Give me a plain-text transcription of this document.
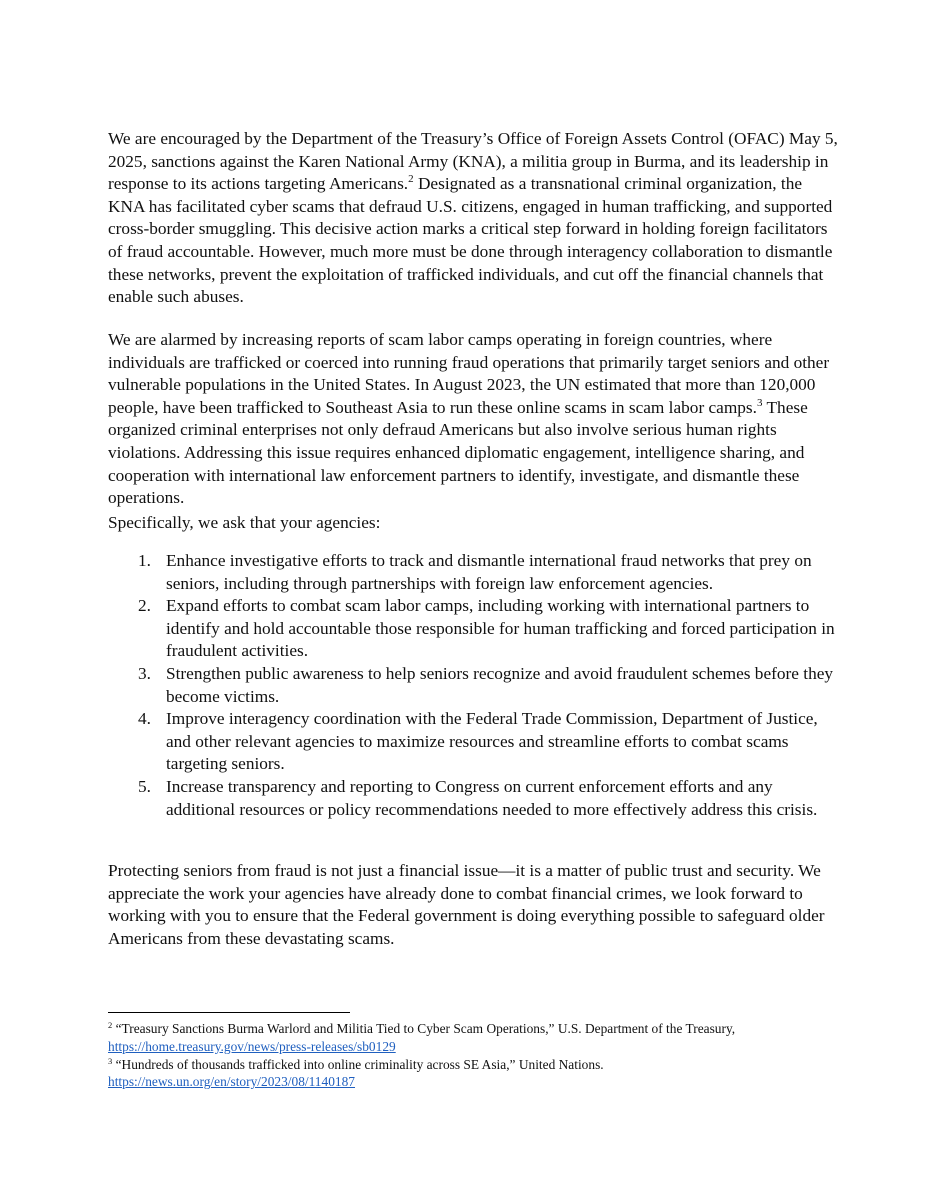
We are encouraged by the Department of the Treasury’s Office of Foreign Assets Control (OFAC) May 5, 2025, sanctions against the Karen National Army (KNA), a militia group in Burma, and its leadership in response to its actions targeting Americans.$^2$ Designated as a transnational criminal organization, the KNA has facilitated cyber scams that defraud U.S. citizens, engaged in human trafficking, and supported cross-border smuggling. This decisive action marks a critical step forward in holding foreign facilitators of fraud accountable. However, much more must be done through interagency collaboration to dismantle these networks, prevent the exploitation of trafficked individuals, and cut off the financial channels that enable such abuses.

We are alarmed by increasing reports of scam labor camps operating in foreign countries, where individuals are trafficked or coerced into running fraud operations that primarily target seniors and other vulnerable populations in the United States. In August 2023, the UN estimated that more than 120,000 people, have been trafficked to Southeast Asia to run these online scams in scam labor camps.$^3$ These organized criminal enterprises not only defraud Americans but also involve serious human rights violations. Addressing this issue requires enhanced diplomatic engagement, intelligence sharing, and cooperation with international law enforcement partners to identify, investigate, and dismantle these operations.

Specifically, we ask that your agencies:

1. Enhance investigative efforts to track and dismantle international fraud networks that prey on seniors, including through partnerships with foreign law enforcement agencies.
2. Expand efforts to combat scam labor camps, including working with international partners to identify and hold accountable those responsible for human trafficking and forced participation in fraudulent activities.
3. Strengthen public awareness to help seniors recognize and avoid fraudulent schemes before they become victims.
4. Improve interagency coordination with the Federal Trade Commission, Department of Justice, and other relevant agencies to maximize resources and streamline efforts to combat scams targeting seniors.
5. Increase transparency and reporting to Congress on current enforcement efforts and any additional resources or policy recommendations needed to more effectively address this crisis.

Protecting seniors from fraud is not just a financial issue—it is a matter of public trust and security. We appreciate the work your agencies have already done to combat financial crimes, we look forward to working with you to ensure that the Federal government is doing everything possible to safeguard older Americans from these devastating scams.

$^2$ “Treasury Sanctions Burma Warlord and Militia Tied to Cyber Scam Operations,” U.S. Department of the Treasury, https://home.treasury.gov/news/press-releases/sb0129

$^3$ “Hundreds of thousands trafficked into online criminality across SE Asia,” United Nations.
https://news.un.org/en/story/2023/08/1140187
